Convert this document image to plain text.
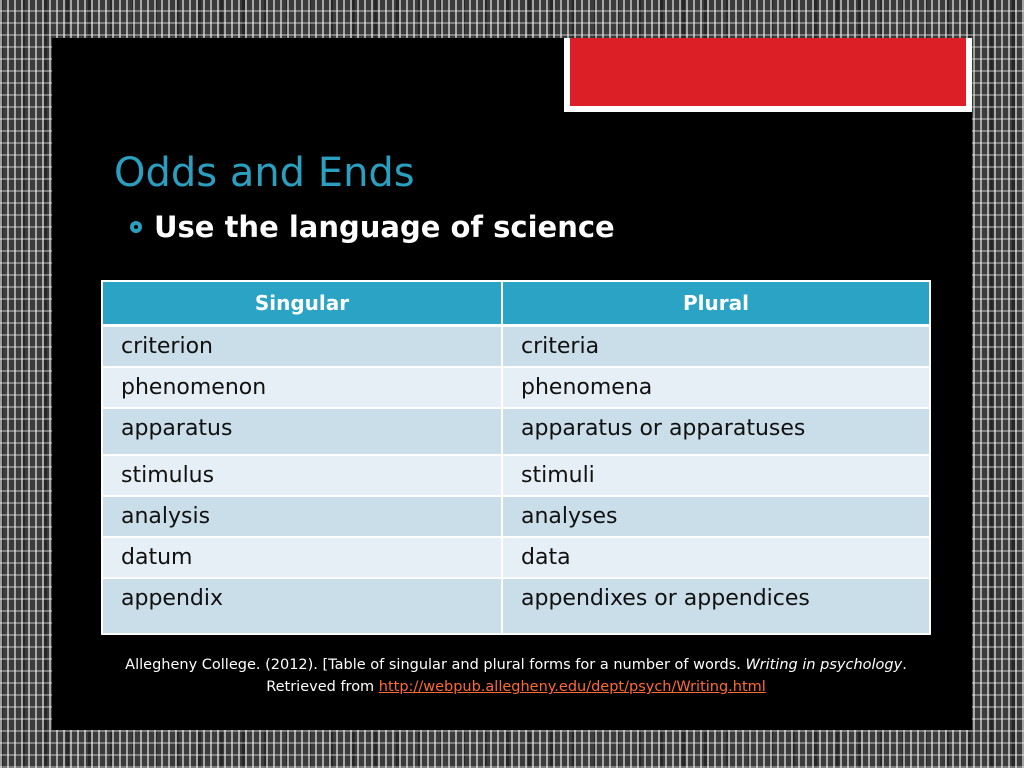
Odds and Ends
Use the language of science
Singular	Plural
criterion	criteria
phenomenon	phenomena
apparatus	apparatus or apparatuses
stimulus	stimuli
analysis	analyses
datum	data
appendix	appendixes or appendices
Allegheny College. (2012). [Table of singular and plural forms for a number of words. Writing in psychology. Retrieved from http://webpub.allegheny.edu/dept/psych/Writing.html
